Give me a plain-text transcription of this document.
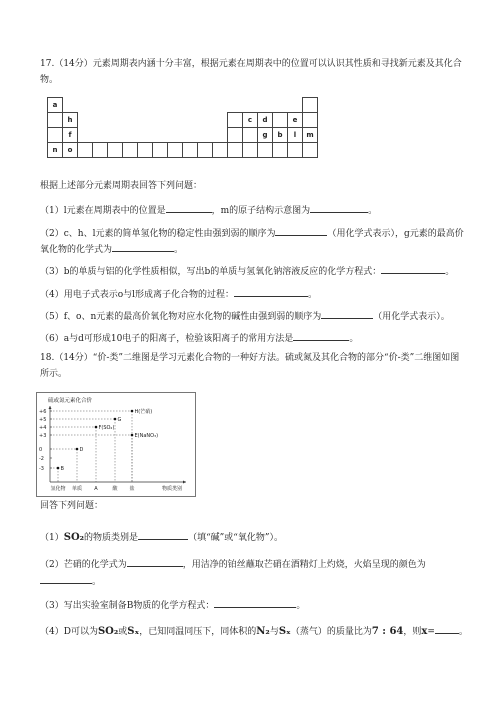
17.（14分）元素周期表内涵十分丰富，根据元素在周期表中的位置可以认识其性质和寻找新元素及其化合
物。
a																	
	h												c	d		e	
	f													g	b	l	m
n	o																
根据上述部分元素周期表回答下列问题：
（1）l元素在周期表中的位置是	，m的原子结构示意图为	。
（2）c、h、l元素的简单氢化物的稳定性由强到弱的顺序为	（用化学式表示），g元素的最高价
氧化物的化学式为	。
（3）b的单质与铝的化学性质相似，写出b的单质与氢氧化钠溶液反应的化学方程式：	。
（4）用电子式表示o与l形成离子化合物的过程：	。
（5）f、o、n元素的最高价氧化物对应水化物的碱性由强到弱的顺序为	（用化学式表示）。
（6）a与d可形成10电子的阳离子，检验该阳离子的常用方法是	。
18.（14分）“价-类”二维图是学习元素化合物的一种好方法。硫或氮及其化合物的部分“价-类”二维图如图
所示。
硫或氮元素化合价
+6
+5
+4
+3
0
-2
-3
氢化物 单质 A	酸 盐	物质类别
B
D
F(SO₂)
G
H(芒硝)
E(NaNO₃)
回答下列问题：
（1）SO₂的物质类别是	（填“碱”或“氧化物”）。
（2）芒硝的化学式为	，用洁净的铂丝蘸取芒硝在酒精灯上灼烧，火焰呈现的颜色为
。
（3）写出实验室制备B物质的化学方程式：	。
（4）D可以为SO₂或Sₓ，已知同温同压下，同体积的N₂与Sₓ（蒸气）的质量比为7 : 64，则x=	。
